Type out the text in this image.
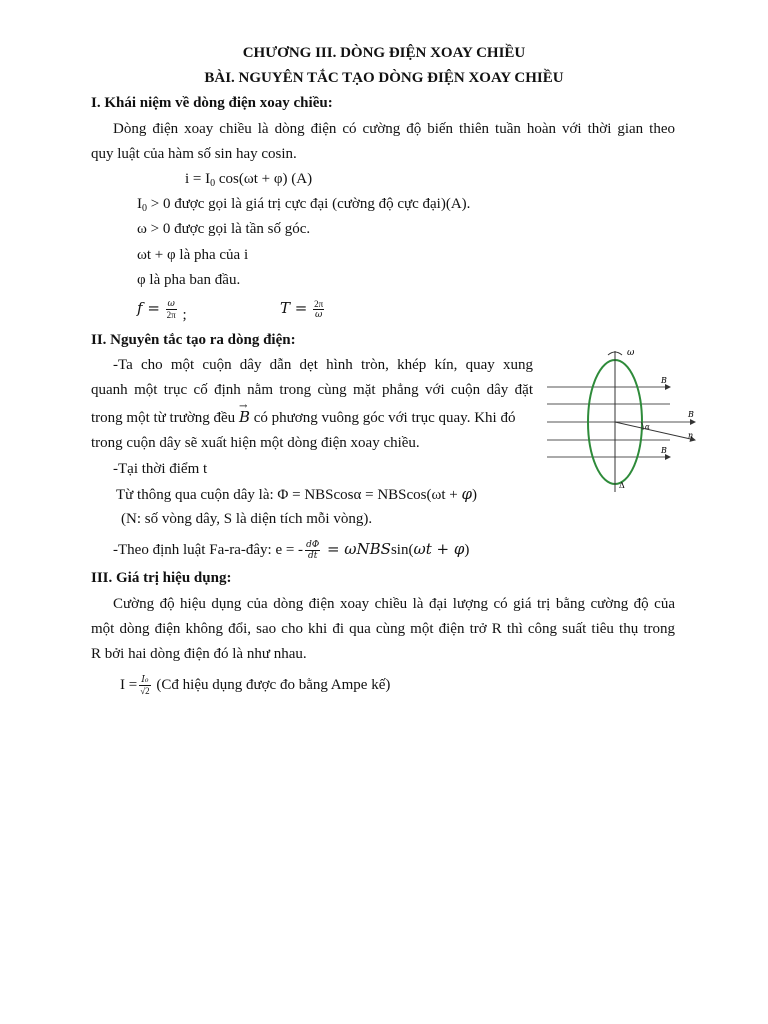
CHƯƠNG III. DÒNG ĐIỆN XOAY CHIỀU
BÀI. NGUYÊN TẮC TẠO DÒNG ĐIỆN XOAY CHIỀU
I. Khái niệm về dòng điện xoay chiều:
Dòng điện xoay chiều là dòng điện có cường độ biến thiên tuần hoàn với thời gian theo
quy luật của hàm số sin hay cosin.
$i = I_0$ cos(ωt + φ) (A)
$I_0 > 0$ được gọi là giá trị cực đại (cường độ cực đại)(A).
ω > 0 được gọi là tần số góc.
ωt + φ là pha của i
φ là pha ban đầu.
$f = \frac{\omega}{2\pi}$ ;	$T = \frac{2\pi}{\omega}$
II. Nguyên tắc tạo ra dòng điện:
-Ta cho một cuộn dây dẫn dẹt hình tròn, khép kín, quay xung
quanh một trục cố định nằm trong cùng mặt phẳng với cuộn dây đặt
trong một từ trường đều → B có phương vuông góc với trục quay. Khi đó
trong cuộn dây sẽ xuất hiện một dòng điện xoay chiều.
-Tại thời điểm t
Từ thông qua cuộn dây là: Φ = NBScosα = NBScos(ωt + φ)
(N: số vòng dây, S là diện tích mỗi vòng).
-Theo định luật Fa-ra-đây: e = - $\frac{d\Phi}{dt} = \omega NBSsin(\omega t + \varphi)$
ω
B
B
B
n
α
Δ
III. Giá trị hiệu dụng:
Cường độ hiệu dụng của dòng điện xoay chiều là đại lượng có giá trị bằng cường độ của
một dòng điện không đổi, sao cho khi đi qua cùng một điện trở R thì công suất tiêu thụ trong
R bởi hai dòng điện đó là như nhau.
$I = \frac{\text{I₀}}{√2}$ (Cđ hiệu dụng được đo bằng Ampe kế)
